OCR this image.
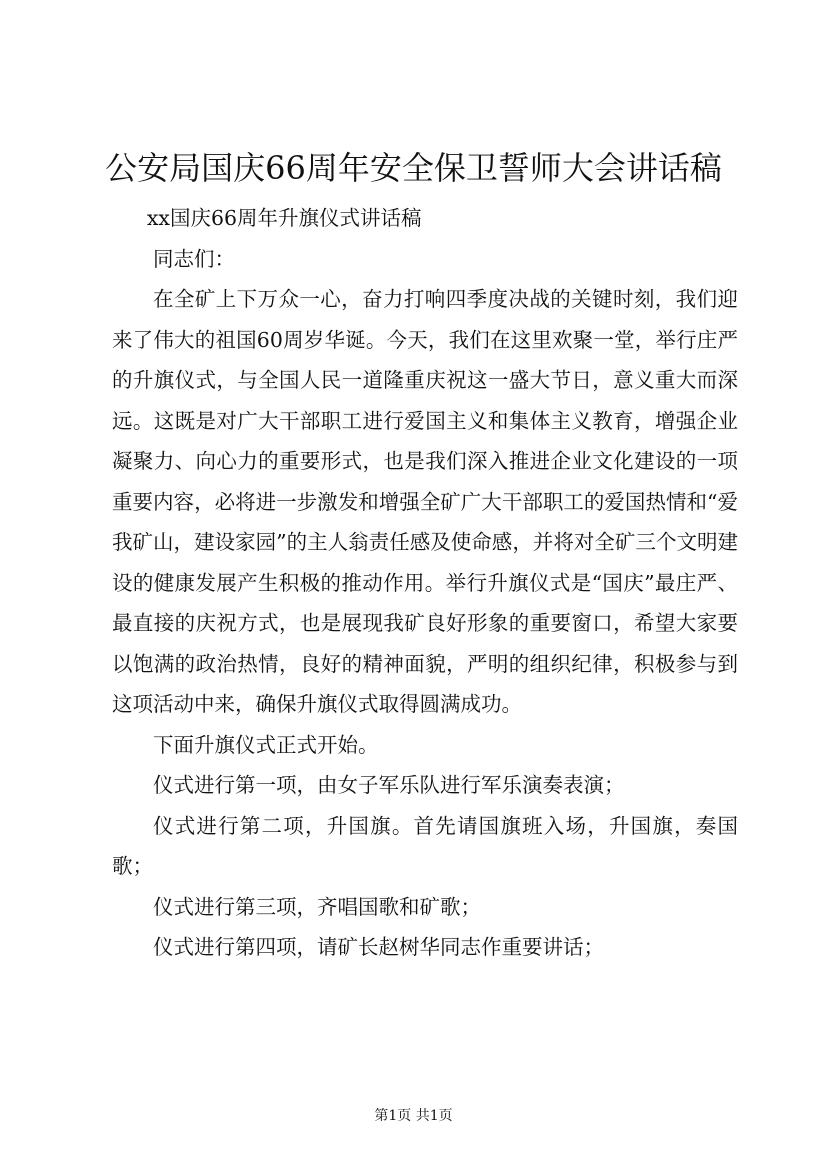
公安局国庆66周年安全保卫誓师大会讲话稿

xx国庆66周年升旗仪式讲话稿

同志们：

在全矿上下万众一心，奋力打响四季度决战的关键时刻，我们迎来了伟大的祖国60周岁华诞。今天，我们在这里欢聚一堂，举行庄严的升旗仪式，与全国人民一道隆重庆祝这一盛大节日，意义重大而深远。这既是对广大干部职工进行爱国主义和集体主义教育，增强企业凝聚力、向心力的重要形式，也是我们深入推进企业文化建设的一项重要内容，必将进一步激发和增强全矿广大干部职工的爱国热情和“爱我矿山，建设家园”的主人翁责任感及使命感，并将对全矿三个文明建设的健康发展产生积极的推动作用。举行升旗仪式是“国庆”最庄严、最直接的庆祝方式，也是展现我矿良好形象的重要窗口，希望大家要以饱满的政治热情，良好的精神面貌，严明的组织纪律，积极参与到这项活动中来，确保升旗仪式取得圆满成功。

下面升旗仪式正式开始。

仪式进行第一项，由女子军乐队进行军乐演奏表演；

仪式进行第二项，升国旗。首先请国旗班入场，升国旗，奏国歌；

仪式进行第三项，齐唱国歌和矿歌；

仪式进行第四项，请矿长赵树华同志作重要讲话；

第1页 共1页
